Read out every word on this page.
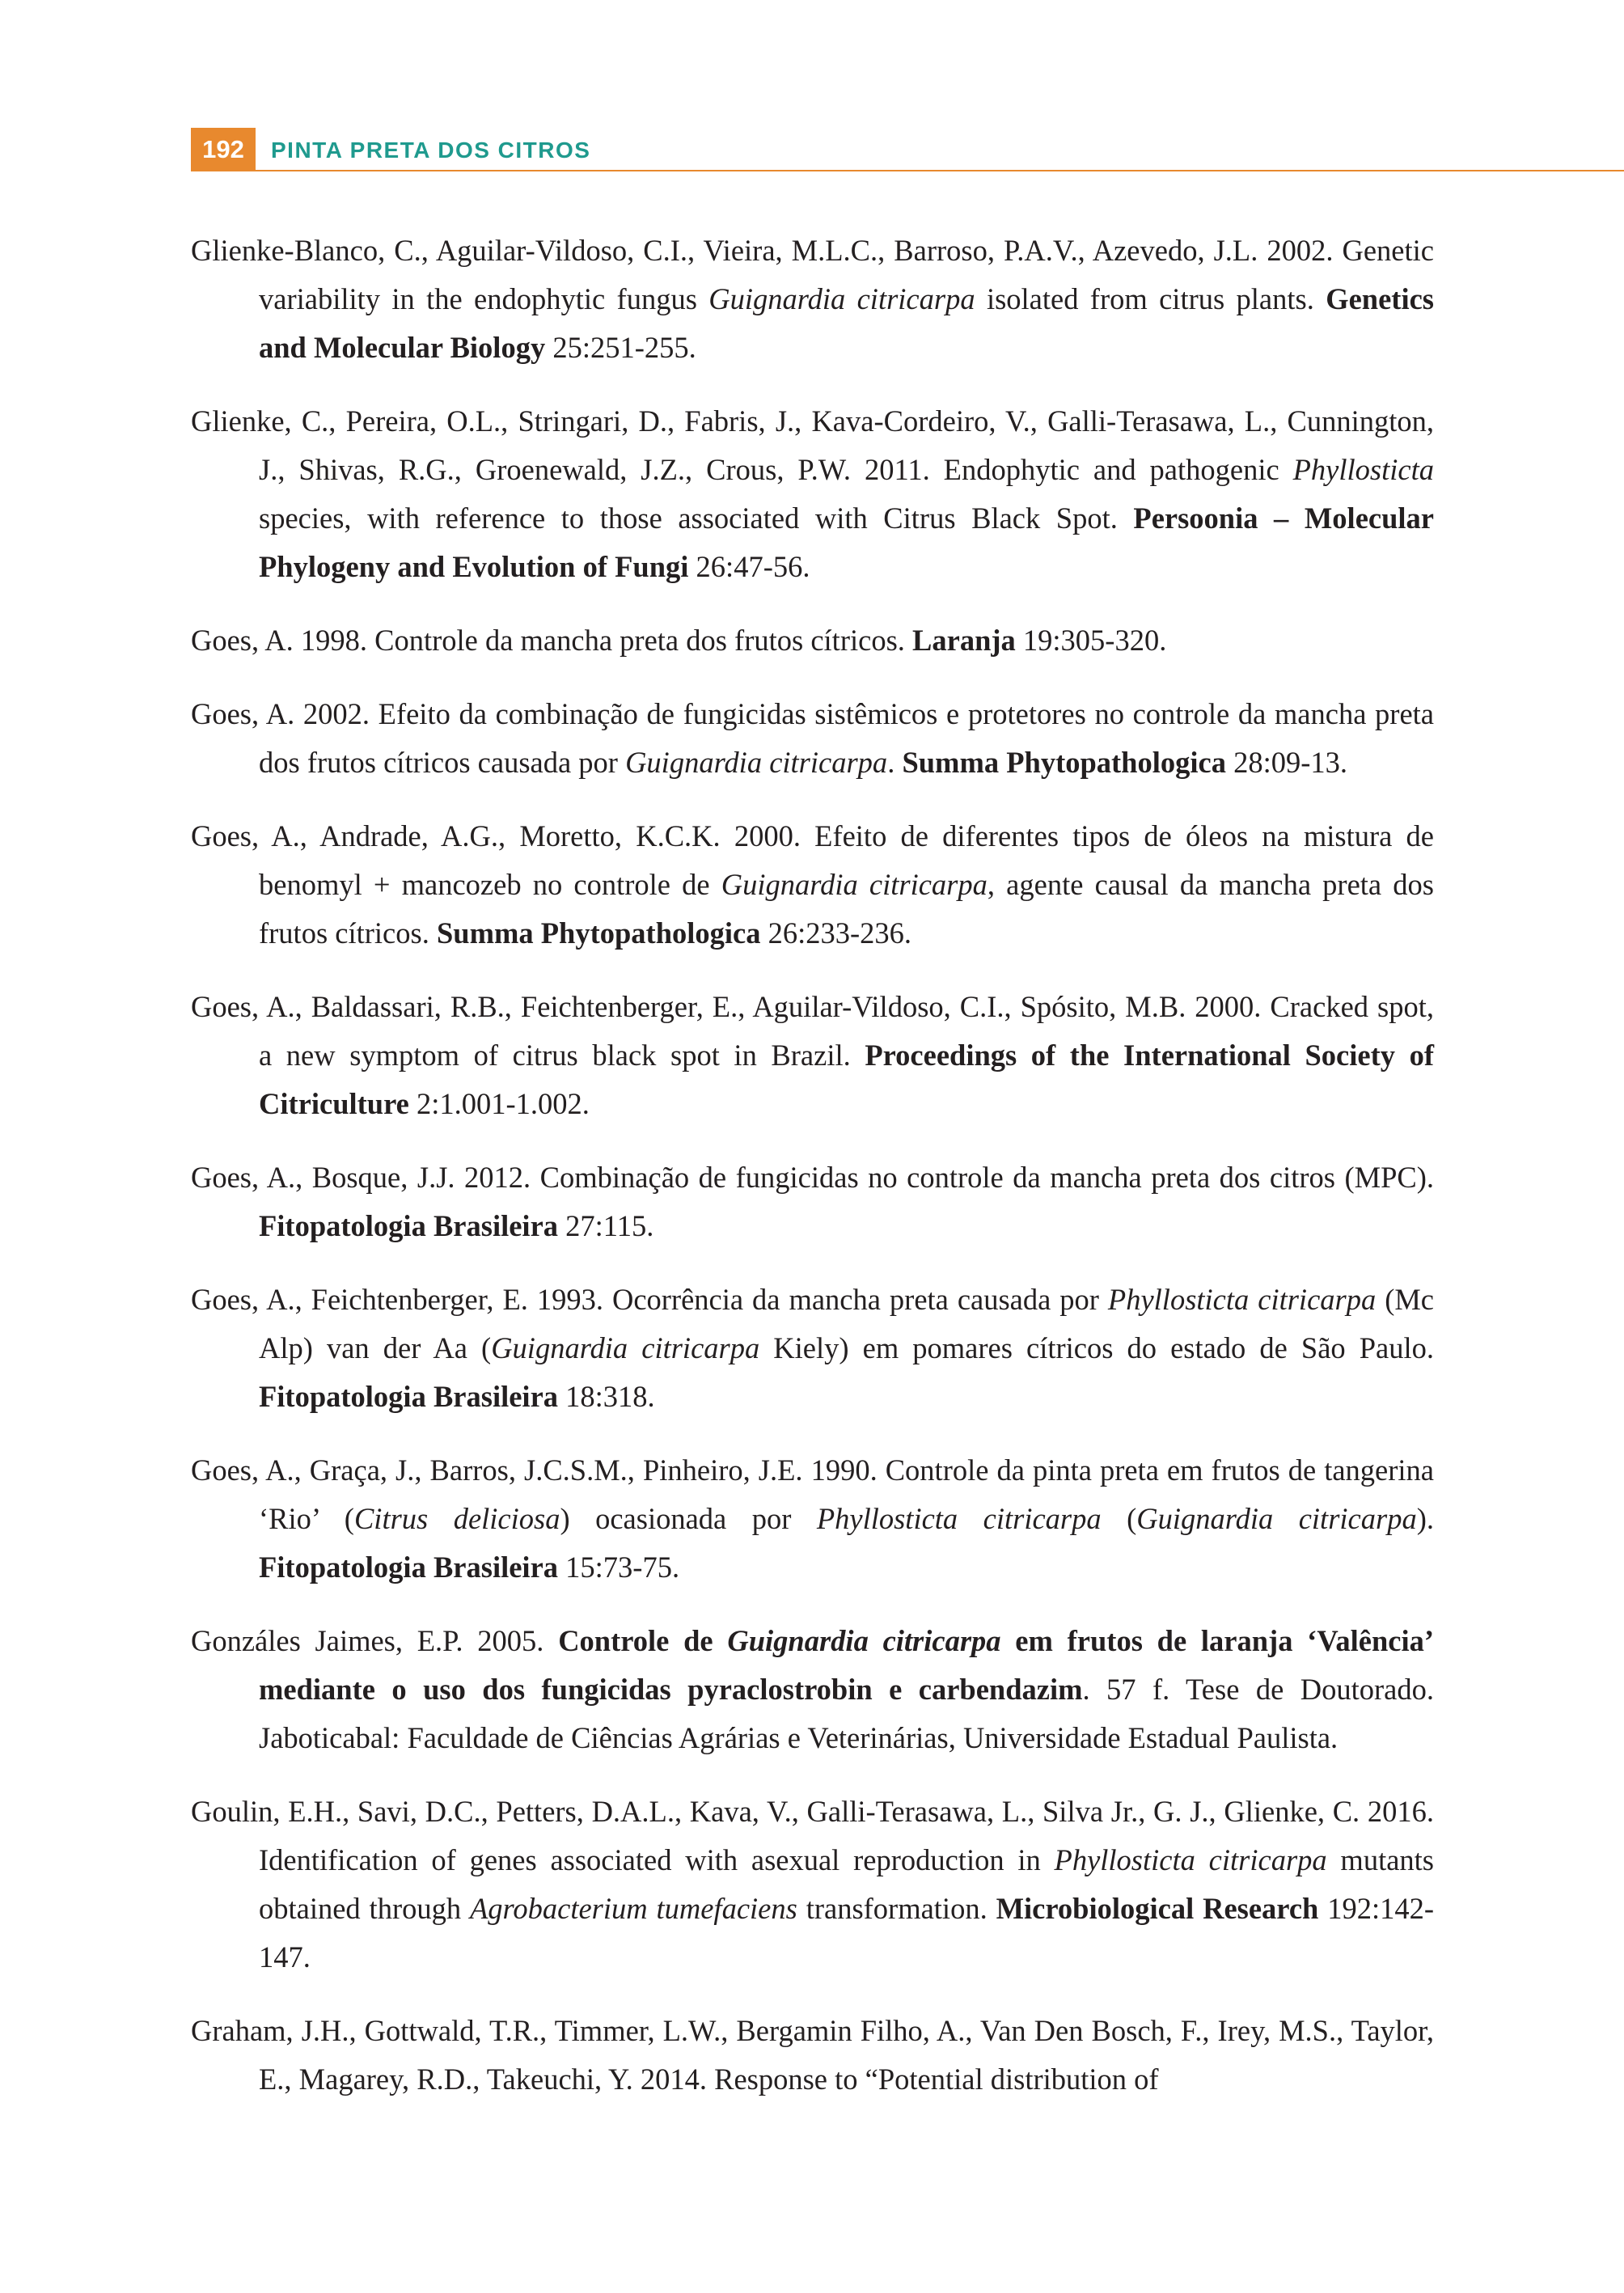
192	PINTA PRETA DOS CITROS
Glienke-Blanco, C., Aguilar-Vildoso, C.I., Vieira, M.L.C., Barroso, P.A.V., Azevedo, J.L. 2002. Genetic variability in the endophytic fungus Guignardia citricarpa isolated from citrus plants. Genetics and Molecular Biology 25:251-255.
Glienke, C., Pereira, O.L., Stringari, D., Fabris, J., Kava-Cordeiro, V., Galli-Terasawa, L., Cunnington, J., Shivas, R.G., Groenewald, J.Z., Crous, P.W. 2011. Endophytic and pathogenic Phyllosticta species, with reference to those associated with Citrus Black Spot. Persoonia – Molecular Phylogeny and Evolution of Fungi 26:47-56.
Goes, A. 1998. Controle da mancha preta dos frutos cítricos. Laranja 19:305-320.
Goes, A. 2002. Efeito da combinação de fungicidas sistêmicos e protetores no controle da mancha preta dos frutos cítricos causada por Guignardia citricarpa. Summa Phytopathologica 28:09-13.
Goes, A., Andrade, A.G., Moretto, K.C.K. 2000. Efeito de diferentes tipos de óleos na mistura de benomyl + mancozeb no controle de Guignardia citricarpa, agente causal da mancha preta dos frutos cítricos. Summa Phytopathologica 26:233-236.
Goes, A., Baldassari, R.B., Feichtenberger, E., Aguilar-Vildoso, C.I., Spósito, M.B. 2000. Cracked spot, a new symptom of citrus black spot in Brazil. Proceedings of the International Society of Citriculture 2:1.001-1.002.
Goes, A., Bosque, J.J. 2012. Combinação de fungicidas no controle da mancha preta dos citros (MPC). Fitopatologia Brasileira 27:115.
Goes, A., Feichtenberger, E. 1993. Ocorrência da mancha preta causada por Phyllosticta citricarpa (Mc Alp) van der Aa (Guignardia citricarpa Kiely) em pomares cítricos do estado de São Paulo. Fitopatologia Brasileira 18:318.
Goes, A., Graça, J., Barros, J.C.S.M., Pinheiro, J.E. 1990. Controle da pinta preta em frutos de tangerina ‘Rio’ (Citrus deliciosa) ocasionada por Phyllosticta citricarpa (Guignardia citricarpa). Fitopatologia Brasileira 15:73-75.
Gonzáles Jaimes, E.P. 2005. Controle de Guignardia citricarpa em frutos de laranja ‘Valência’ mediante o uso dos fungicidas pyraclostrobin e carbendazim. 57 f. Tese de Doutorado. Jaboticabal: Faculdade de Ciências Agrárias e Veterinárias, Universidade Estadual Paulista.
Goulin, E.H., Savi, D.C., Petters, D.A.L., Kava, V., Galli-Terasawa, L., Silva Jr., G. J., Glienke, C. 2016. Identification of genes associated with asexual reproduction in Phyllosticta citricarpa mutants obtained through Agrobacterium tumefaciens transformation. Microbiological Research 192:142-147.
Graham, J.H., Gottwald, T.R., Timmer, L.W., Bergamin Filho, A., Van Den Bosch, F., Irey, M.S., Taylor, E., Magarey, R.D., Takeuchi, Y. 2014. Response to “Potential distribution of
